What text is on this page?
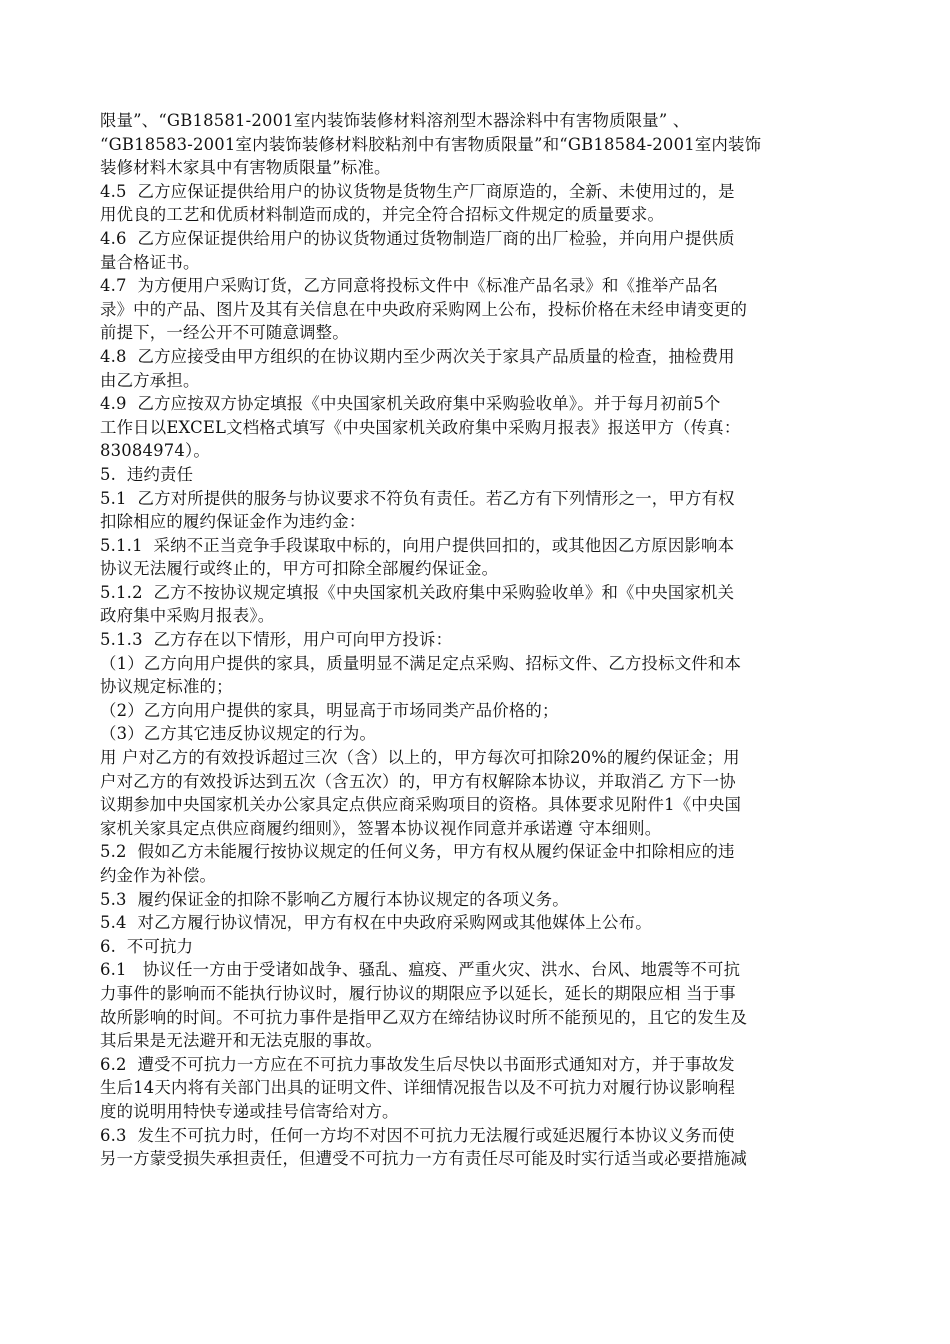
限量”、“GB18581-2001室内装饰装修材料溶剂型木器涂料中有害物质限量” 、
“GB18583-2001室内装饰装修材料胶粘剂中有害物质限量”和“GB18584-2001室内装饰
装修材料木家具中有害物质限量”标准。
4.5  乙方应保证提供给用户的协议货物是货物生产厂商原造的，全新、未使用过的，是
用优良的工艺和优质材料制造而成的，并完全符合招标文件规定的质量要求。
4.6  乙方应保证提供给用户的协议货物通过货物制造厂商的出厂检验，并向用户提供质
量合格证书。
4.7  为方便用户采购订货，乙方同意将投标文件中《标准产品名录》和《推举产品名
录》中的产品、图片及其有关信息在中央政府采购网上公布，投标价格在未经申请变更的
前提下，一经公开不可随意调整。
4.8  乙方应接受由甲方组织的在协议期内至少两次关于家具产品质量的检查，抽检费用
由乙方承担。
4.9  乙方应按双方协定填报《中央国家机关政府集中采购验收单》。并于每月初前5个
工作日以EXCEL文档格式填写《中央国家机关政府集中采购月报表》报送甲方（传真：
83084974）。
5.  违约责任
5.1  乙方对所提供的服务与协议要求不符负有责任。若乙方有下列情形之一，甲方有权
扣除相应的履约保证金作为违约金：
5.1.1  采纳不正当竞争手段谋取中标的，向用户提供回扣的，或其他因乙方原因影响本
协议无法履行或终止的，甲方可扣除全部履约保证金。
5.1.2  乙方不按协议规定填报《中央国家机关政府集中采购验收单》和《中央国家机关
政府集中采购月报表》。
5.1.3  乙方存在以下情形，用户可向甲方投诉：
（1）乙方向用户提供的家具，质量明显不满足定点采购、招标文件、乙方投标文件和本
协议规定标准的；
（2）乙方向用户提供的家具，明显高于市场同类产品价格的；
（3）乙方其它违反协议规定的行为。
用 户对乙方的有效投诉超过三次（含）以上的，甲方每次可扣除20%的履约保证金；用
户对乙方的有效投诉达到五次（含五次）的，甲方有权解除本协议，并取消乙 方下一协
议期参加中央国家机关办公家具定点供应商采购项目的资格。具体要求见附件1《中央国
家机关家具定点供应商履约细则》，签署本协议视作同意并承诺遵 守本细则。
5.2  假如乙方未能履行按协议规定的任何义务，甲方有权从履约保证金中扣除相应的违
约金作为补偿。
5.3  履约保证金的扣除不影响乙方履行本协议规定的各项义务。
5.4  对乙方履行协议情况，甲方有权在中央政府采购网或其他媒体上公布。
6.  不可抗力
6.1   协议任一方由于受诸如战争、骚乱、瘟疫、严重火灾、洪水、台风、地震等不可抗
力事件的影响而不能执行协议时，履行协议的期限应予以延长，延长的期限应相 当于事
故所影响的时间。不可抗力事件是指甲乙双方在缔结协议时所不能预见的，且它的发生及
其后果是无法避开和无法克服的事故。
6.2  遭受不可抗力一方应在不可抗力事故发生后尽快以书面形式通知对方，并于事故发
生后14天内将有关部门出具的证明文件、详细情况报告以及不可抗力对履行协议影响程
度的说明用特快专递或挂号信寄给对方。
6.3  发生不可抗力时，任何一方均不对因不可抗力无法履行或延迟履行本协议义务而使
另一方蒙受损失承担责任，但遭受不可抗力一方有责任尽可能及时实行适当或必要措施减
